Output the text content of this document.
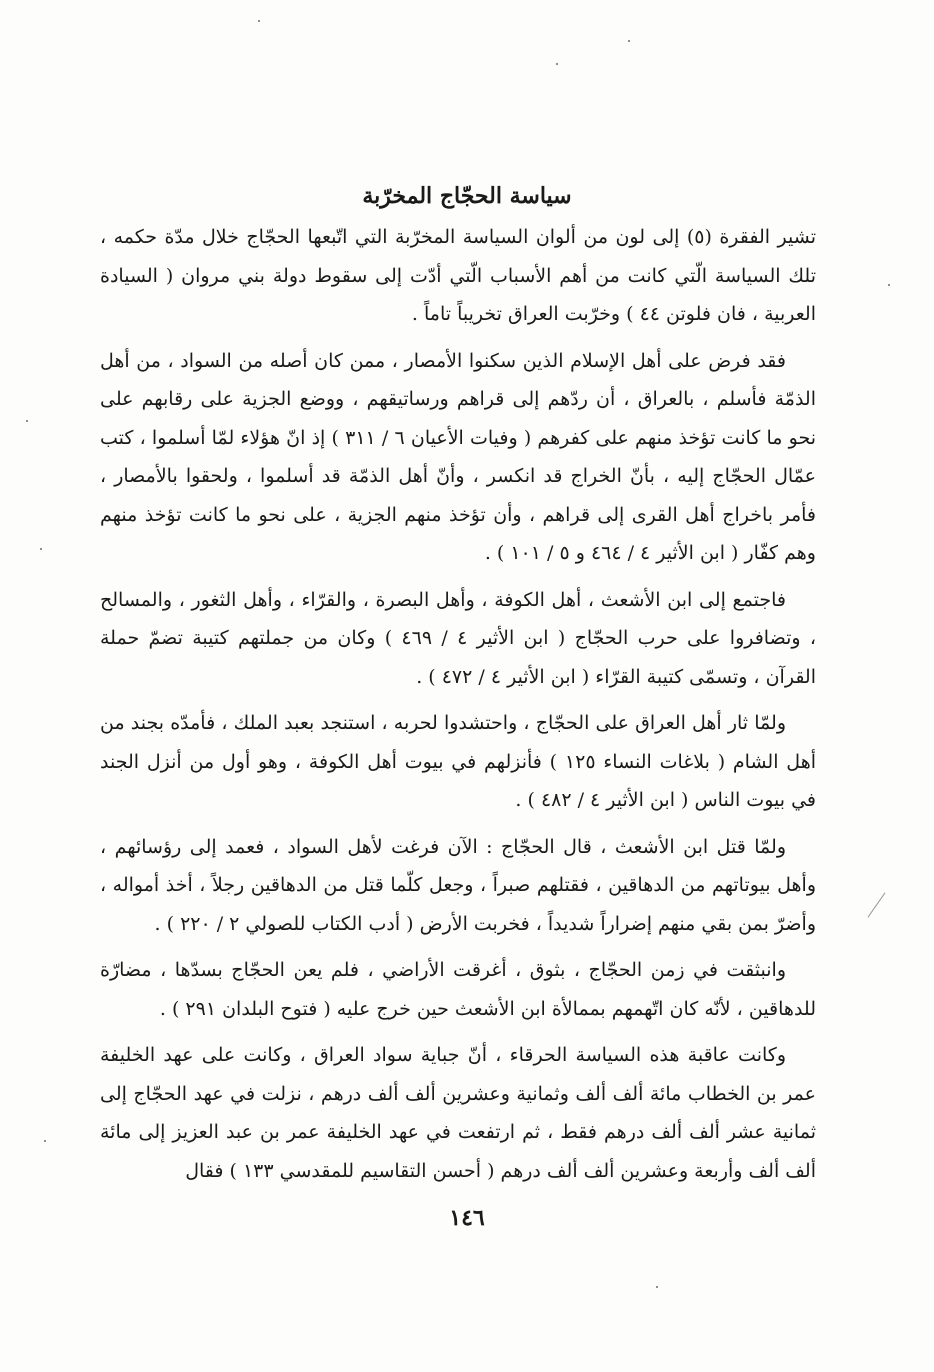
سياسة الحجّاج المخرّبة

تشير الفقرة (٥) إلى لون من ألوان السياسة المخرّبة التي اتّبعها الحجّاج خلال مدّة حكمه ، تلك السياسة الّتي كانت من أهم الأسباب الّتي أدّت إلى سقوط دولة بني مروان ( السيادة العربية ، فان فلوتن ٤٤ ) وخرّبت العراق تخريباً تاماً .

فقد فرض على أهل الإسلام الذين سكنوا الأمصار ، ممن كان أصله من السواد ، من أهل الذمّة فأسلم ، بالعراق ، أن ردّهم إلى قراهم ورساتيقهم ، ووضع الجزية على رقابهم على نحو ما كانت تؤخذ منهم على كفرهم ( وفيات الأعيان ٦ / ٣١١ ) إذ انّ هؤلاء لمّا أسلموا ، كتب عمّال الحجّاج إليه ، بأنّ الخراج قد انكسر ، وأنّ أهل الذمّة قد أسلموا ، ولحقوا بالأمصار ، فأمر باخراج أهل القرى إلى قراهم ، وأن تؤخذ منهم الجزية ، على نحو ما كانت تؤخذ منهم وهم كفّار ( ابن الأثير ٤ / ٤٦٤ و ٥ / ١٠١ ) .

فاجتمع إلى ابن الأشعث ، أهل الكوفة ، وأهل البصرة ، والقرّاء ، وأهل الثغور ، والمسالح ، وتضافروا على حرب الحجّاج ( ابن الأثير ٤ / ٤٦٩ ) وكان من جملتهم كتيبة تضمّ حملة القرآن ، وتسمّى كتيبة القرّاء ( ابن الأثير ٤ / ٤٧٢ ) .

ولمّا ثار أهل العراق على الحجّاج ، واحتشدوا لحربه ، استنجد بعبد الملك ، فأمدّه بجند من أهل الشام ( بلاغات النساء ١٢٥ ) فأنزلهم في بيوت أهل الكوفة ، وهو أول من أنزل الجند في بيوت الناس ( ابن الأثير ٤ / ٤٨٢ ) .

ولمّا قتل ابن الأشعث ، قال الحجّاج : الآن فرغت لأهل السواد ، فعمد إلى رؤسائهم ، وأهل بيوتاتهم من الدهاقين ، فقتلهم صبراً ، وجعل كلّما قتل من الدهاقين رجلاً ، أخذ أمواله ، وأضرّ بمن بقي منهم إضراراً شديداً ، فخربت الأرض ( أدب الكتاب للصولي ٢ / ٢٢٠ ) .

وانبثقت في زمن الحجّاج ، بثوق ، أغرقت الأراضي ، فلم يعن الحجّاج بسدّها ، مضارّة للدهاقين ، لأنّه كان اتّهمهم بممالأة ابن الأشعث حين خرج عليه ( فتوح البلدان ٢٩١ ) .

وكانت عاقبة هذه السياسة الحرقاء ، أنّ جباية سواد العراق ، وكانت على عهد الخليفة عمر بن الخطاب مائة ألف ألف وثمانية وعشرين ألف ألف درهم ، نزلت في عهد الحجّاج إلى ثمانية عشر ألف ألف درهم فقط ، ثم ارتفعت في عهد الخليفة عمر بن عبد العزيز إلى مائة ألف ألف وأربعة وعشرين ألف ألف درهم ( أحسن التقاسيم للمقدسي ١٣٣ ) فقال

١٤٦
